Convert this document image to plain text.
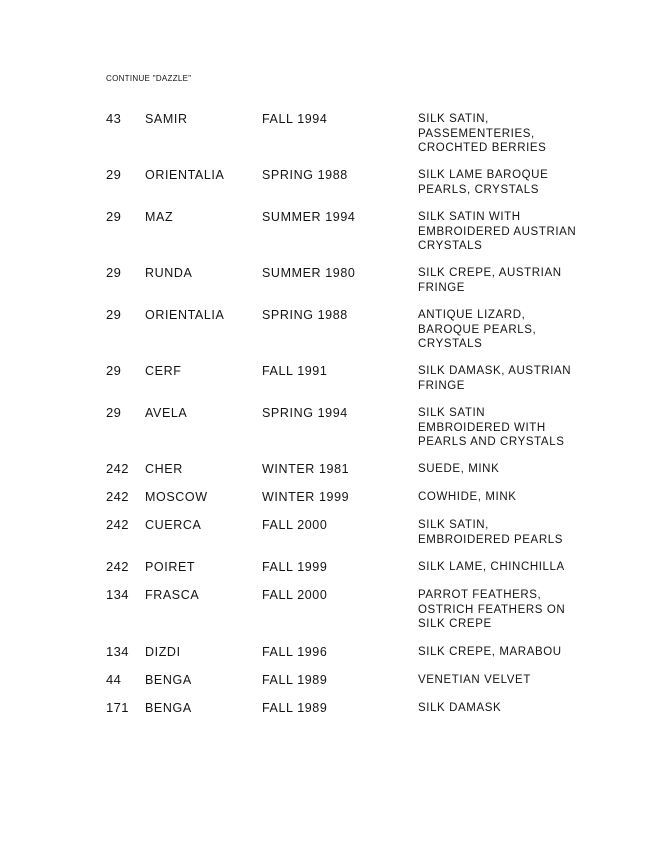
CONTINUE "DAZZLE"
43 SAMIR	FALL 1994	SILK SATIN,
PASSEMENTERIES,
CROCHTED BERRIES
29 ORIENTALIA	SPRING 1988	SILK LAME BAROQUE
PEARLS, CRYSTALS
29 MAZ	SUMMER 1994	SILK SATIN WITH
EMBROIDERED AUSTRIAN
CRYSTALS
29 RUNDA	SUMMER 1980	SILK CREPE, AUSTRIAN
FRINGE
29 ORIENTALIA	SPRING 1988	ANTIQUE LIZARD,
BAROQUE PEARLS,
CRYSTALS
29 CERF	FALL 1991	SILK DAMASK, AUSTRIAN
FRINGE
29 AVELA	SPRING 1994	SILK SATIN
EMBROIDERED WITH
PEARLS AND CRYSTALS
242 CHER	WINTER 1981	SUEDE, MINK
242 MOSCOW	WINTER 1999	COWHIDE, MINK
242 CUERCA	FALL 2000	SILK SATIN,
EMBROIDERED PEARLS
242 POIRET	FALL 1999	SILK LAME, CHINCHILLA
134 FRASCA	FALL 2000	PARROT FEATHERS,
OSTRICH FEATHERS ON
SILK CREPE
134 DIZDI	FALL 1996	SILK CREPE, MARABOU
44 BENGA	FALL 1989	VENETIAN VELVET
171 BENGA	FALL 1989	SILK DAMASK
